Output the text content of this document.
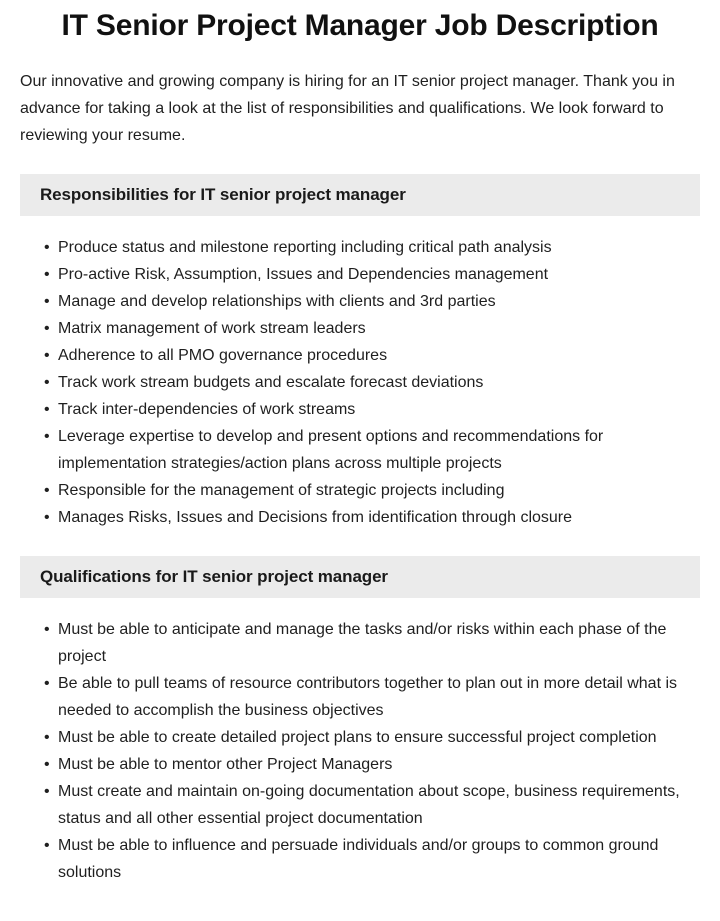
IT Senior Project Manager Job Description

Our innovative and growing company is hiring for an IT senior project manager. Thank you in advance for taking a look at the list of responsibilities and qualifications. We look forward to reviewing your resume.

Responsibilities for IT senior project manager
• Produce status and milestone reporting including critical path analysis
• Pro-active Risk, Assumption, Issues and Dependencies management
• Manage and develop relationships with clients and 3rd parties
• Matrix management of work stream leaders
• Adherence to all PMO governance procedures
• Track work stream budgets and escalate forecast deviations
• Track inter-dependencies of work streams
• Leverage expertise to develop and present options and recommendations for implementation strategies/action plans across multiple projects
• Responsible for the management of strategic projects including
• Manages Risks, Issues and Decisions from identification through closure
Qualifications for IT senior project manager
• Must be able to anticipate and manage the tasks and/or risks within each phase of the project
• Be able to pull teams of resource contributors together to plan out in more detail what is needed to accomplish the business objectives
• Must be able to create detailed project plans to ensure successful project completion
• Must be able to mentor other Project Managers
• Must create and maintain on-going documentation about scope, business requirements, status and all other essential project documentation
• Must be able to influence and persuade individuals and/or groups to common ground solutions
